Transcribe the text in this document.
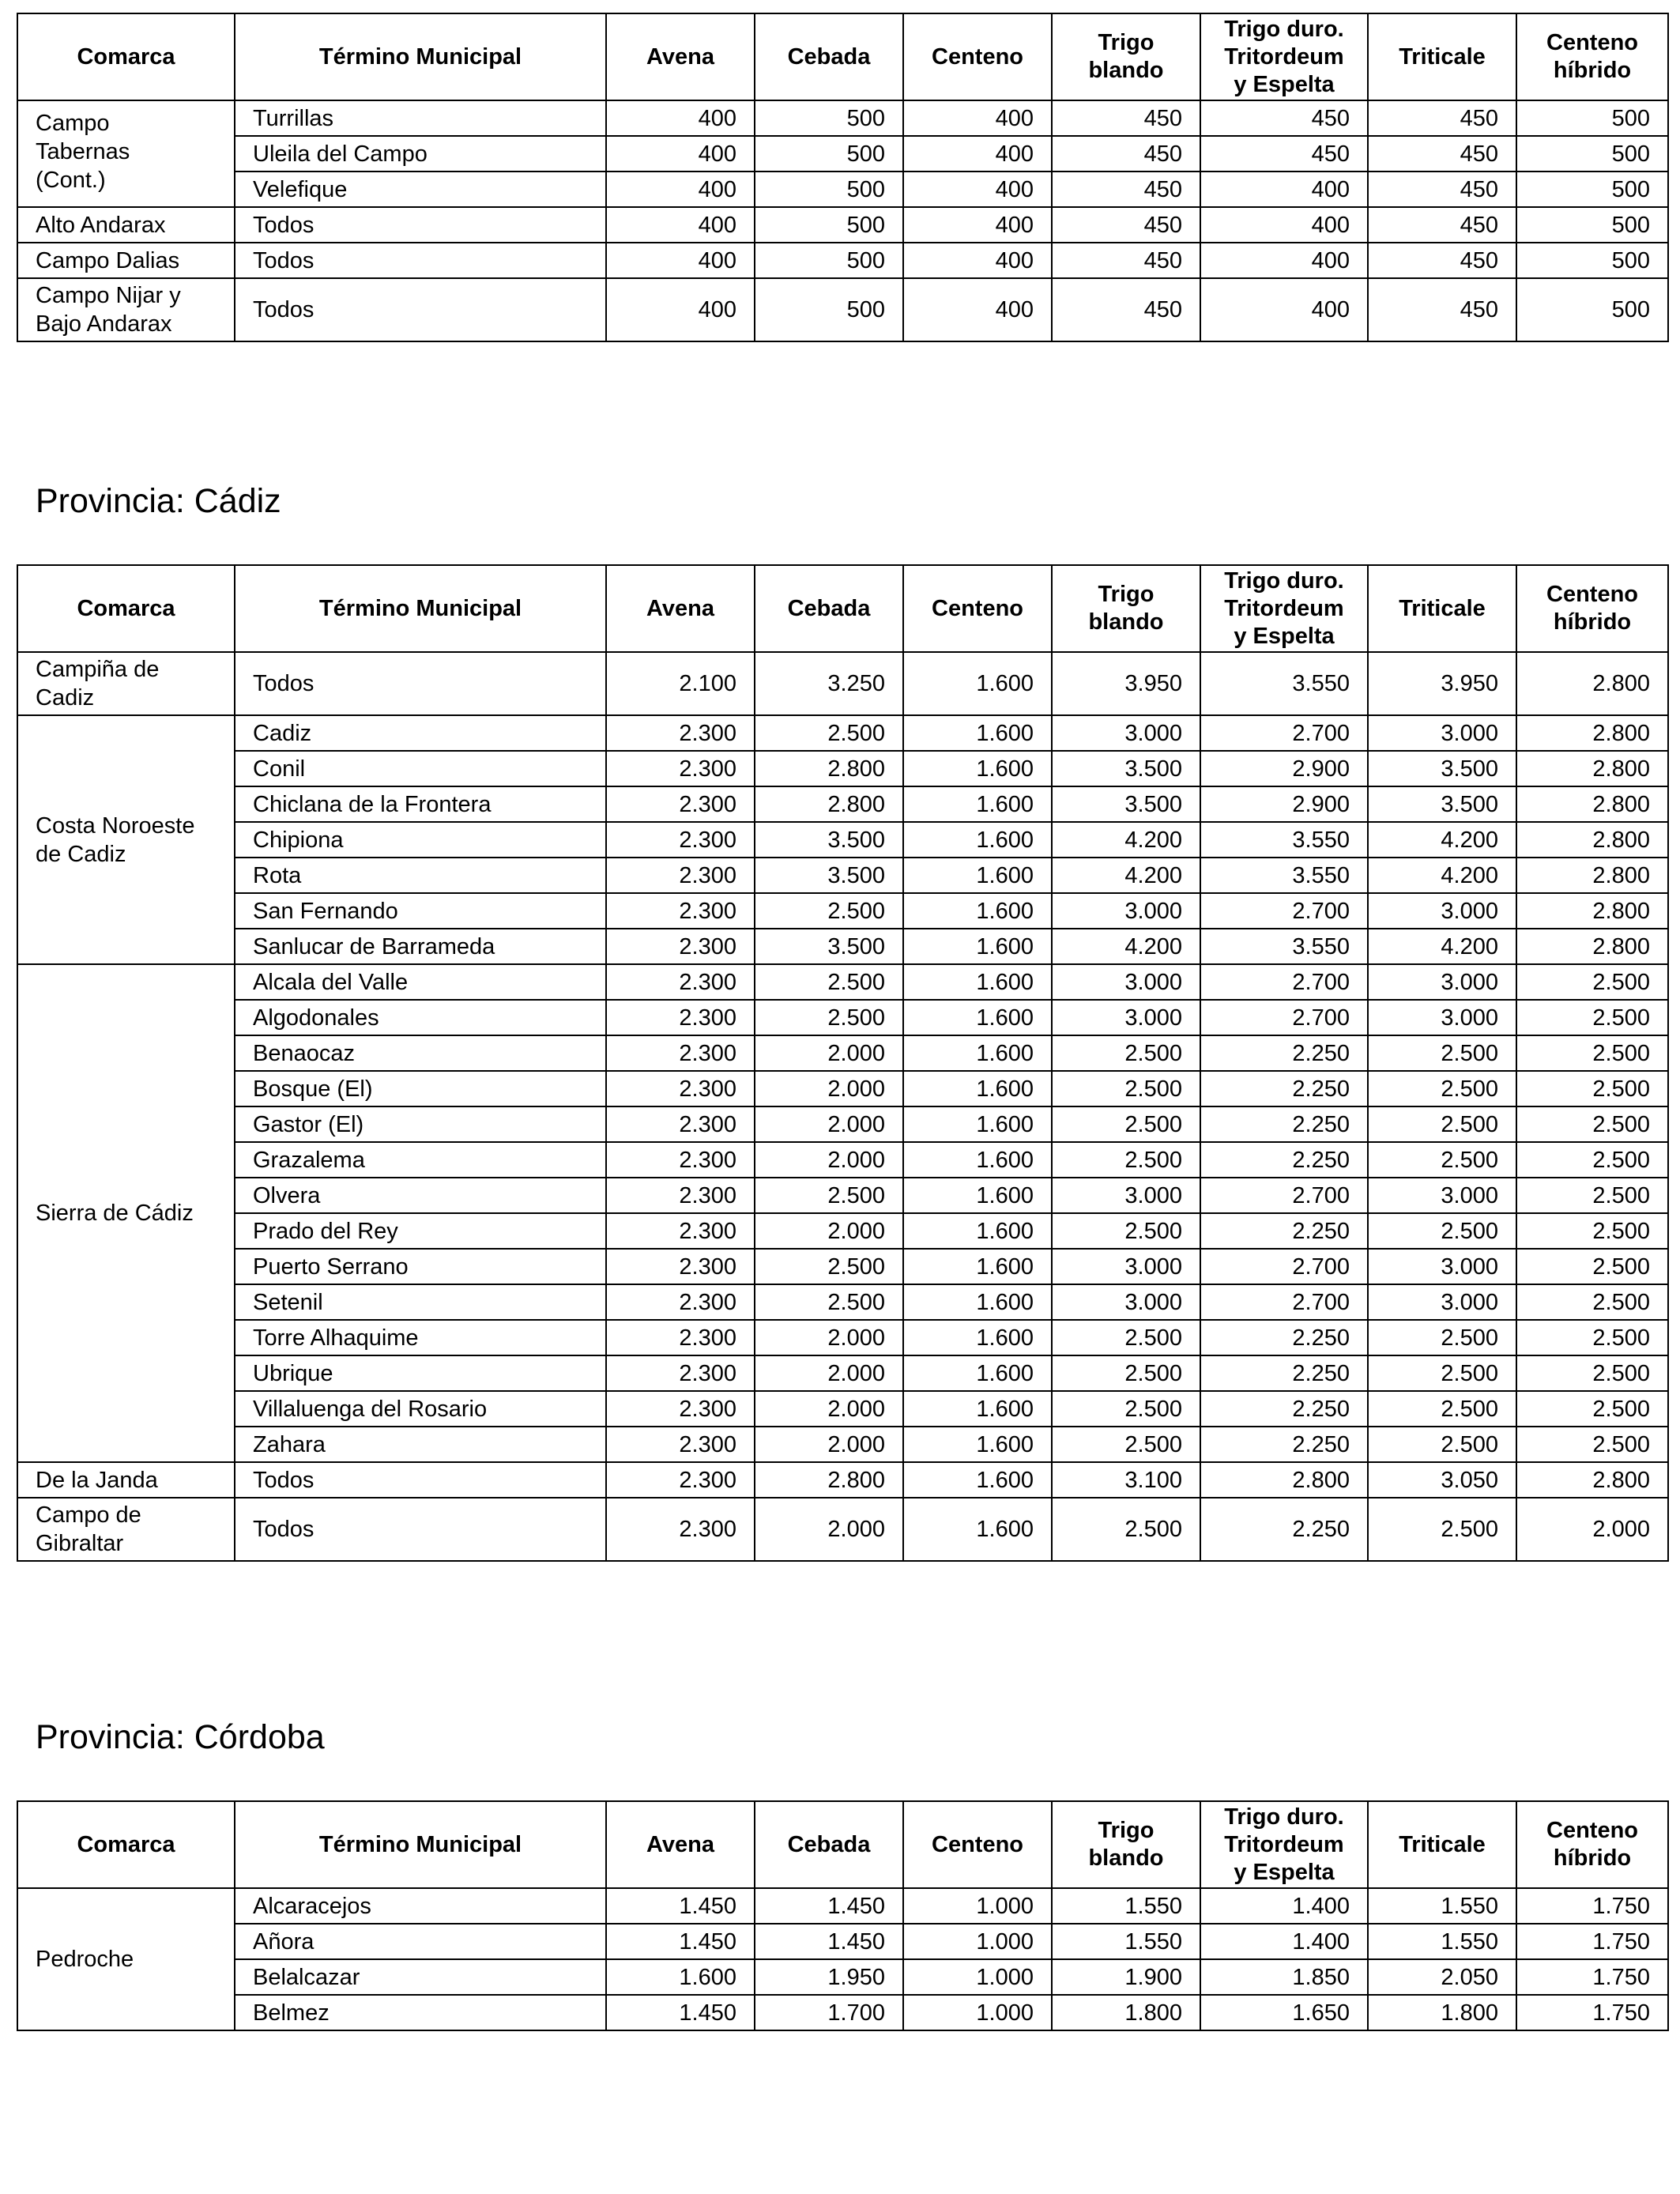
Comarca	Término Municipal	Avena	Cebada	Centeno	Trigo
blando	Trigo duro.
Tritordeum
y Espelta	Triticale	Centeno
híbrido
Campo
Tabernas
(Cont.)	Turrillas	400	500	400	450	450	450	500
	Uleila del Campo	400	500	400	450	450	450	500
	Velefique	400	500	400	450	400	450	500
Alto Andarax	Todos	400	500	400	450	400	450	500
Campo Dalias	Todos	400	500	400	450	400	450	500
Campo Nijar y
Bajo Andarax	Todos	400	500	400	450	400	450	500
Provincia: Cádiz
Comarca	Término Municipal	Avena	Cebada	Centeno	Trigo
blando	Trigo duro.
Tritordeum
y Espelta	Triticale	Centeno
híbrido
Campiña de
Cadiz	Todos	2.100	3.250	1.600	3.950	3.550	3.950	2.800
Costa Noroeste
de Cadiz	Cadiz	2.300	2.500	1.600	3.000	2.700	3.000	2.800
	Conil	2.300	2.800	1.600	3.500	2.900	3.500	2.800
	Chiclana de la Frontera	2.300	2.800	1.600	3.500	2.900	3.500	2.800
	Chipiona	2.300	3.500	1.600	4.200	3.550	4.200	2.800
	Rota	2.300	3.500	1.600	4.200	3.550	4.200	2.800
	San Fernando	2.300	2.500	1.600	3.000	2.700	3.000	2.800
	Sanlucar de Barrameda	2.300	3.500	1.600	4.200	3.550	4.200	2.800
Sierra de Cádiz	Alcala del Valle	2.300	2.500	1.600	3.000	2.700	3.000	2.500
	Algodonales	2.300	2.500	1.600	3.000	2.700	3.000	2.500
	Benaocaz	2.300	2.000	1.600	2.500	2.250	2.500	2.500
	Bosque (El)	2.300	2.000	1.600	2.500	2.250	2.500	2.500
	Gastor (El)	2.300	2.000	1.600	2.500	2.250	2.500	2.500
	Grazalema	2.300	2.000	1.600	2.500	2.250	2.500	2.500
	Olvera	2.300	2.500	1.600	3.000	2.700	3.000	2.500
	Prado del Rey	2.300	2.000	1.600	2.500	2.250	2.500	2.500
	Puerto Serrano	2.300	2.500	1.600	3.000	2.700	3.000	2.500
	Setenil	2.300	2.500	1.600	3.000	2.700	3.000	2.500
	Torre Alhaquime	2.300	2.000	1.600	2.500	2.250	2.500	2.500
	Ubrique	2.300	2.000	1.600	2.500	2.250	2.500	2.500
	Villaluenga del Rosario	2.300	2.000	1.600	2.500	2.250	2.500	2.500
	Zahara	2.300	2.000	1.600	2.500	2.250	2.500	2.500
De la Janda	Todos	2.300	2.800	1.600	3.100	2.800	3.050	2.800
Campo de
Gibraltar	Todos	2.300	2.000	1.600	2.500	2.250	2.500	2.000
Provincia: Córdoba
Comarca	Término Municipal	Avena	Cebada	Centeno	Trigo
blando	Trigo duro.
Tritordeum
y Espelta	Triticale	Centeno
híbrido
Pedroche	Alcaracejos	1.450	1.450	1.000	1.550	1.400	1.550	1.750
	Añora	1.450	1.450	1.000	1.550	1.400	1.550	1.750
	Belalcazar	1.600	1.950	1.000	1.900	1.850	2.050	1.750
	Belmez	1.450	1.700	1.000	1.800	1.650	1.800	1.750
